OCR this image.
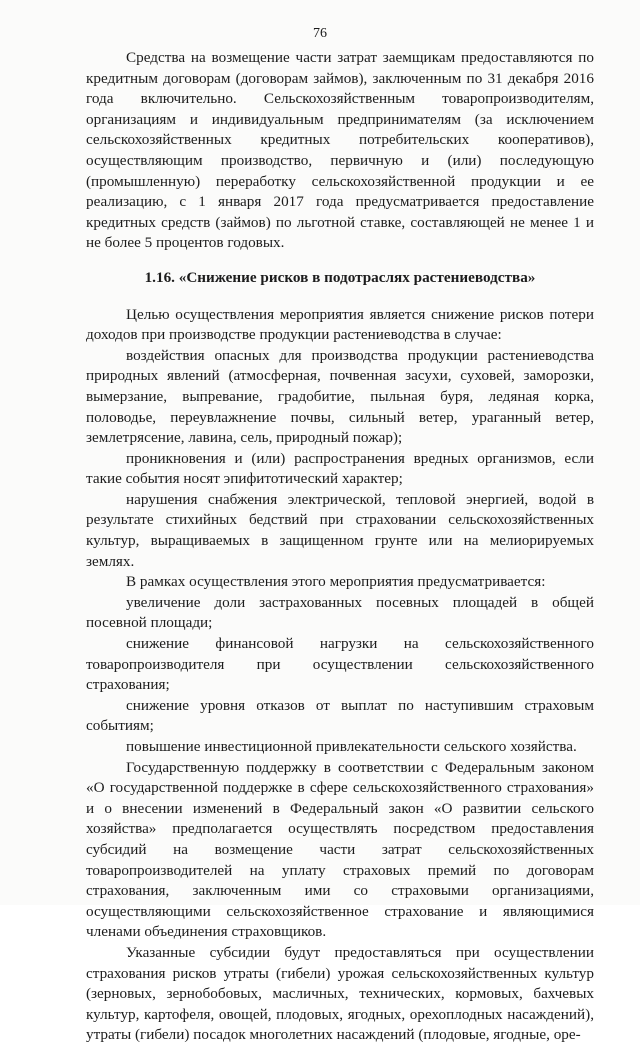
76

Средства на возмещение части затрат заемщикам предоставляются по кредитным договорам (договорам займов), заключенным по 31 декабря 2016 года включительно. Сельскохозяйственным товаропроизводителям, организациям и индивидуальным предпринимателям (за исключением сельскохозяйственных кредитных потребительских кооперативов), осуществляющим производство, первичную и (или) последующую (промышленную) переработку сельскохозяйственной продукции и ее реализацию, с 1 января 2017 года предусматривается предоставление кредитных средств (займов) по льготной ставке, составляющей не менее 1 и не более 5 процентов годовых.

1.16. «Снижение рисков в подотраслях растениеводства»

Целью осуществления мероприятия является снижение рисков потери доходов при производстве продукции растениеводства в случае:

воздействия опасных для производства продукции растениеводства природных явлений (атмосферная, почвенная засухи, суховей, заморозки, вымерзание, выпревание, градобитие, пыльная буря, ледяная корка, половодье, переувлажнение почвы, сильный ветер, ураганный ветер, землетрясение, лавина, сель, природный пожар);

проникновения и (или) распространения вредных организмов, если такие события носят эпифитотический характер;

нарушения снабжения электрической, тепловой энергией, водой в результате стихийных бедствий при страховании сельскохозяйственных культур, выращиваемых в защищенном грунте или на мелиорируемых землях.

В рамках осуществления этого мероприятия предусматривается:

увеличение доли застрахованных посевных площадей в общей посевной площади;

снижение финансовой нагрузки на сельскохозяйственного товаропроизводителя при осуществлении сельскохозяйственного страхования;

снижение уровня отказов от выплат по наступившим страховым событиям;

повышение инвестиционной привлекательности сельского хозяйства.

Государственную поддержку в соответствии с Федеральным законом «О государственной поддержке в сфере сельскохозяйственного страхования» и о внесении изменений в Федеральный закон «О развитии сельского хозяйства» предполагается осуществлять посредством предоставления субсидий на возмещение части затрат сельскохозяйственных товаропроизводителей на уплату страховых премий по договорам страхования, заключенным ими со страховыми организациями, осуществляющими сельскохозяйственное страхование и являющимися членами объединения страховщиков.

Указанные субсидии будут предоставляться при осуществлении страхования рисков утраты (гибели) урожая сельскохозяйственных культур (зерновых, зернобобовых, масличных, технических, кормовых, бахчевых культур, картофеля, овощей, плодовых, ягодных, орехоплодных насаждений), утраты (гибели) посадок многолетних насаждений (плодовые, ягодные, оре-
